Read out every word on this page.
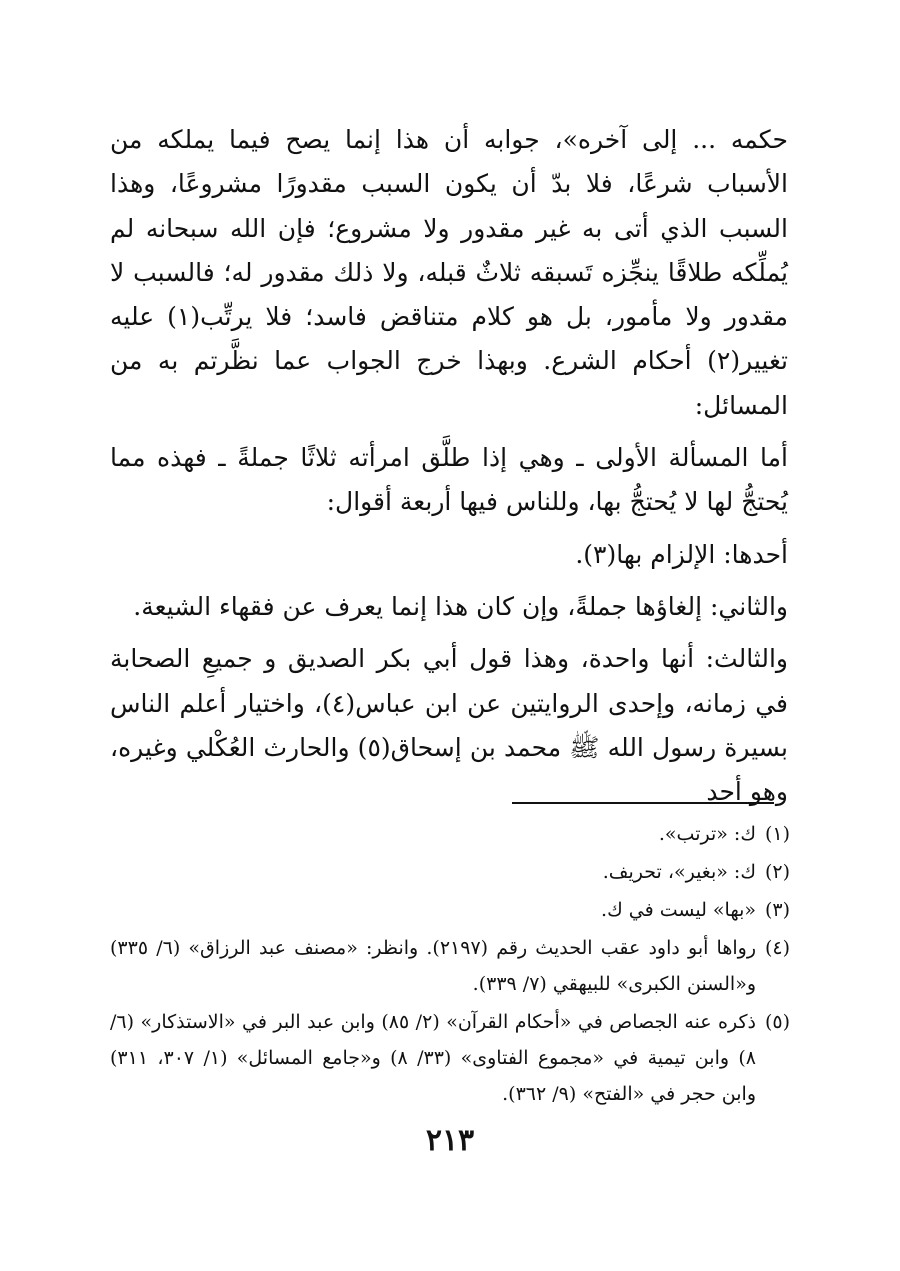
حكمه ... إلى آخره»، جوابه أن هذا إنما يصح فيما يملكه من الأسباب شرعًا، فلا بدّ أن يكون السبب مقدورًا مشروعًا، وهذا السبب الذي أتى به غير مقدور ولا مشروع؛ فإن الله سبحانه لم يُملِّكه طلاقًا ينجِّزه تَسبقه ثلاثٌ قبله، ولا ذلك مقدور له؛ فالسبب لا مقدور ولا مأمور، بل هو كلام متناقض فاسد؛ فلا يرتِّب(١) عليه تغيير(٢) أحكام الشرع. وبهذا خرج الجواب عما نظَّرتم به من المسائل:

أما المسألة الأولى ـ وهي إذا طلَّق امرأته ثلاثًا جملةً ـ فهذه مما يُحتجُّ لها لا يُحتجُّ بها، وللناس فيها أربعة أقوال:

أحدها: الإلزام بها(٣).

والثاني: إلغاؤها جملةً، وإن كان هذا إنما يعرف عن فقهاء الشيعة.

والثالث: أنها واحدة، وهذا قول أبي بكر الصديق و جميعِ الصحابة في زمانه، وإحدى الروايتين عن ابن عباس(٤)، واختيار أعلم الناس بسيرة رسول الله ﷺ محمد بن إسحاق(٥) والحارث العُكْلي وغيره، وهو أحد

(١)
ك: «ترتب».
(٢)
ك: «بغير»، تحريف.
(٣)
«بها» ليست في ك.
(٤)
رواها أبو داود عقب الحديث رقم (٢١٩٧). وانظر: «مصنف عبد الرزاق» (٦/ ٣٣٥) و«السنن الكبرى» للبيهقي (٧/ ٣٣٩).
(٥)
ذكره عنه الجصاص في «أحكام القرآن» (٢/ ٨٥) وابن عبد البر في «الاستذكار» (٦/ ٨) وابن تيمية في «مجموع الفتاوى» (٣٣/ ٨) و«جامع المسائل» (١/ ٣٠٧، ٣١١) وابن حجر في «الفتح» (٩/ ٣٦٢).
٢١٣
